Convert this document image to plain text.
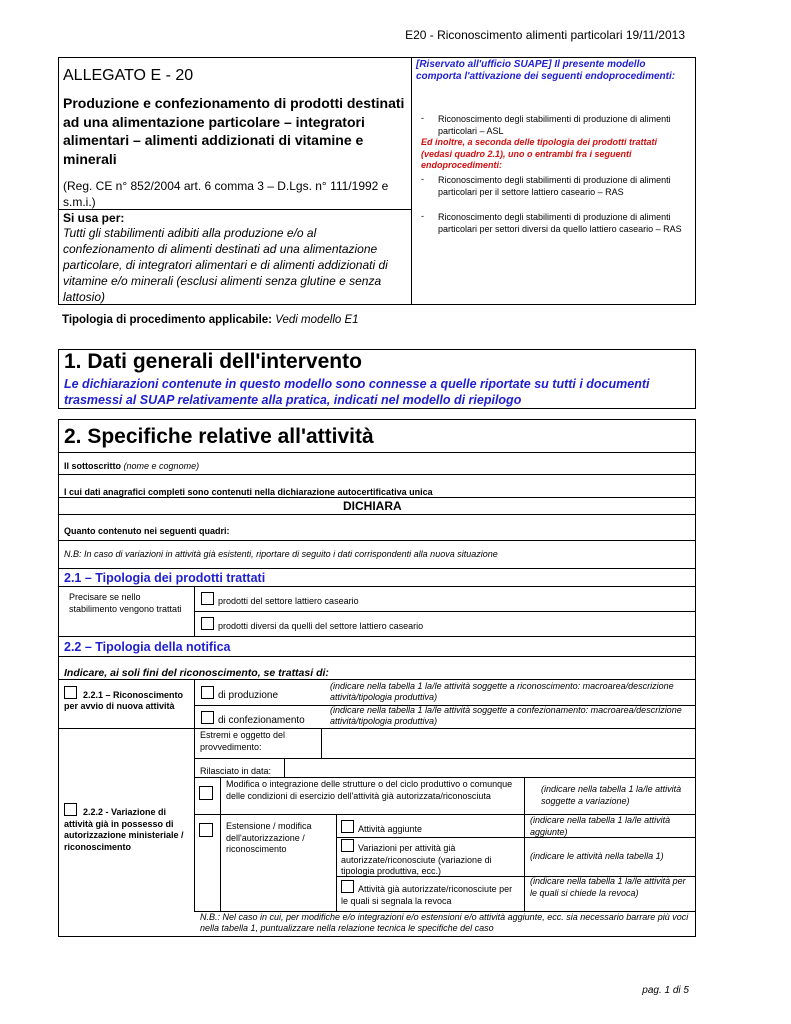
E20 - Riconoscimento alimenti particolari 19/11/2013
ALLEGATO E - 20
Produzione e confezionamento di prodotti destinati ad una alimentazione particolare – integratori alimentari – alimenti addizionati di vitamine e minerali
(Reg. CE n° 852/2004 art. 6 comma 3 – D.Lgs. n° 111/1992 e s.m.i.)
Si usa per:
Tutti gli stabilimenti adibiti alla produzione e/o al confezionamento di alimenti destinati ad una alimentazione particolare, di integratori alimentari e di alimenti addizionati di vitamine e/o minerali (esclusi alimenti senza glutine e senza lattosio)
[Riservato all'ufficio SUAPE] Il presente modello comporta l'attivazione dei seguenti endoprocedimenti:
- Riconoscimento degli stabilimenti di produzione di alimenti particolari – ASL
Ed inoltre, a seconda delle tipologia dei prodotti trattati (vedasi quadro 2.1), uno o entrambi fra i seguenti endoprocedimenti:
- Riconoscimento degli stabilimenti di produzione di alimenti particolari per il settore lattiero caseario – RAS
- Riconoscimento degli stabilimenti di produzione di alimenti particolari per settori diversi da quello lattiero caseario – RAS
Tipologia di procedimento applicabile: Vedi modello E1
1. Dati generali dell'intervento
Le dichiarazioni contenute in questo modello sono connesse a quelle riportate su tutti i documenti trasmessi al SUAP relativamente alla pratica, indicati nel modello di riepilogo
2. Specifiche relative all'attività
Il sottoscritto (nome e cognome)
I cui dati anagrafici completi sono contenuti nella dichiarazione autocertificativa unica
DICHIARA
Quanto contenuto nei seguenti quadri:
N.B: In caso di variazioni in attività già esistenti, riportare di seguito i dati corrispondenti alla nuova situazione
2.1 – Tipologia dei prodotti trattati
Precisare se nello stabilimento vengono trattati
prodotti del settore lattiero caseario
prodotti diversi da quelli del settore lattiero caseario
2.2 – Tipologia della notifica
Indicare, ai soli fini del riconoscimento, se trattasi di:
2.2.1 – Riconoscimento per avvio di nuova attività
di produzione
(indicare nella tabella 1 la/le attività soggette a riconoscimento: macroarea/descrizione attività/tipologia produttiva)
di confezionamento
(indicare nella tabella 1 la/le attività soggette a confezionamento: macroarea/descrizione attività/tipologia produttiva)
2.2.2 - Variazione di attività già in possesso di autorizzazione ministeriale / riconoscimento
Estremi e oggetto del provvedimento:
Rilasciato in data:
Modifica o integrazione delle strutture o del ciclo produttivo o comunque delle condizioni di esercizio dell'attività già autorizzata/riconosciuta
(indicare nella tabella 1 la/le attività soggette a variazione)
Estensione / modifica dell'autorizzazione / riconoscimento
Attività aggiunte
(indicare nella tabella 1 la/le attività aggiunte)
Variazioni per attività già autorizzate/riconosciute (variazione di tipologia produttiva, ecc.)
(indicare le attività nella tabella 1)
Attività già autorizzate/riconosciute per le quali si segnala la revoca
(indicare nella tabella 1 la/le attività per le quali si chiede la revoca)
N.B.: Nel caso in cui, per modifiche e/o integrazioni e/o estensioni e/o attività aggiunte, ecc. sia necessario barrare più voci nella tabella 1, puntualizzare nella relazione tecnica le specifiche del caso
pag. 1 di 5
